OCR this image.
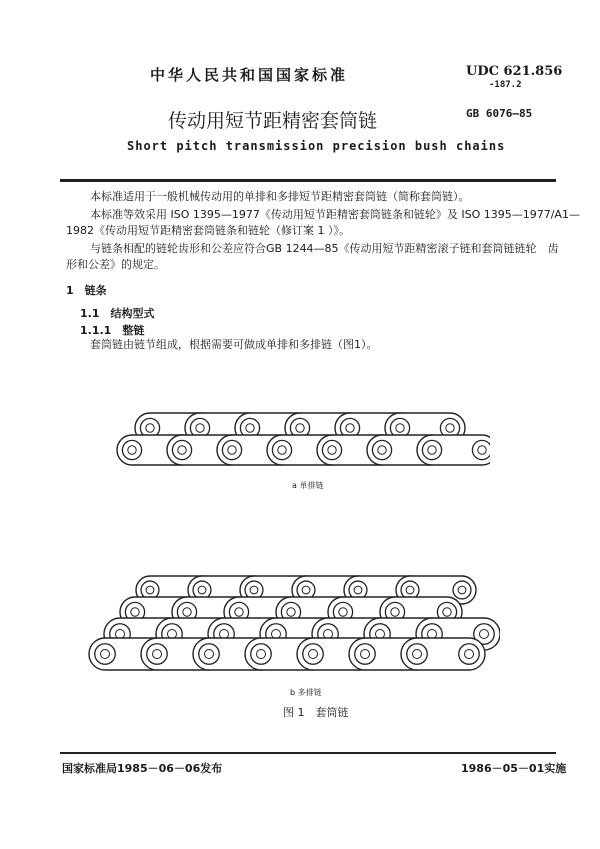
中华人民共和国国家标准	UDC 621.856
-187.2
传动用短节距精密套筒链	GB 6076—85
Short pitch transmission precision bush chains
本标准适用于一般机械传动用的单排和多排短节距精密套筒链（简称套筒链）。
本标准等效采用 ISO 1395—1977《传动用短节距精密套筒链条和链轮》及 ISO 1395—1977/A1—
1982《传动用短节距精密套筒链条和链轮（修订案 1 ）》。
与链条相配的链轮齿形和公差应符合GB 1244—85《传动用短节距精密滚子链和套筒链链轮　齿
形和公差》的规定。
1　链条
1.1　结构型式
1.1.1　整链
套筒链由链节组成，根据需要可做成单排和多排链（图1）。
a 单排链
b 多排链
图 1　套筒链
国家标准局1985－06－06发布	1986－05－01实施
